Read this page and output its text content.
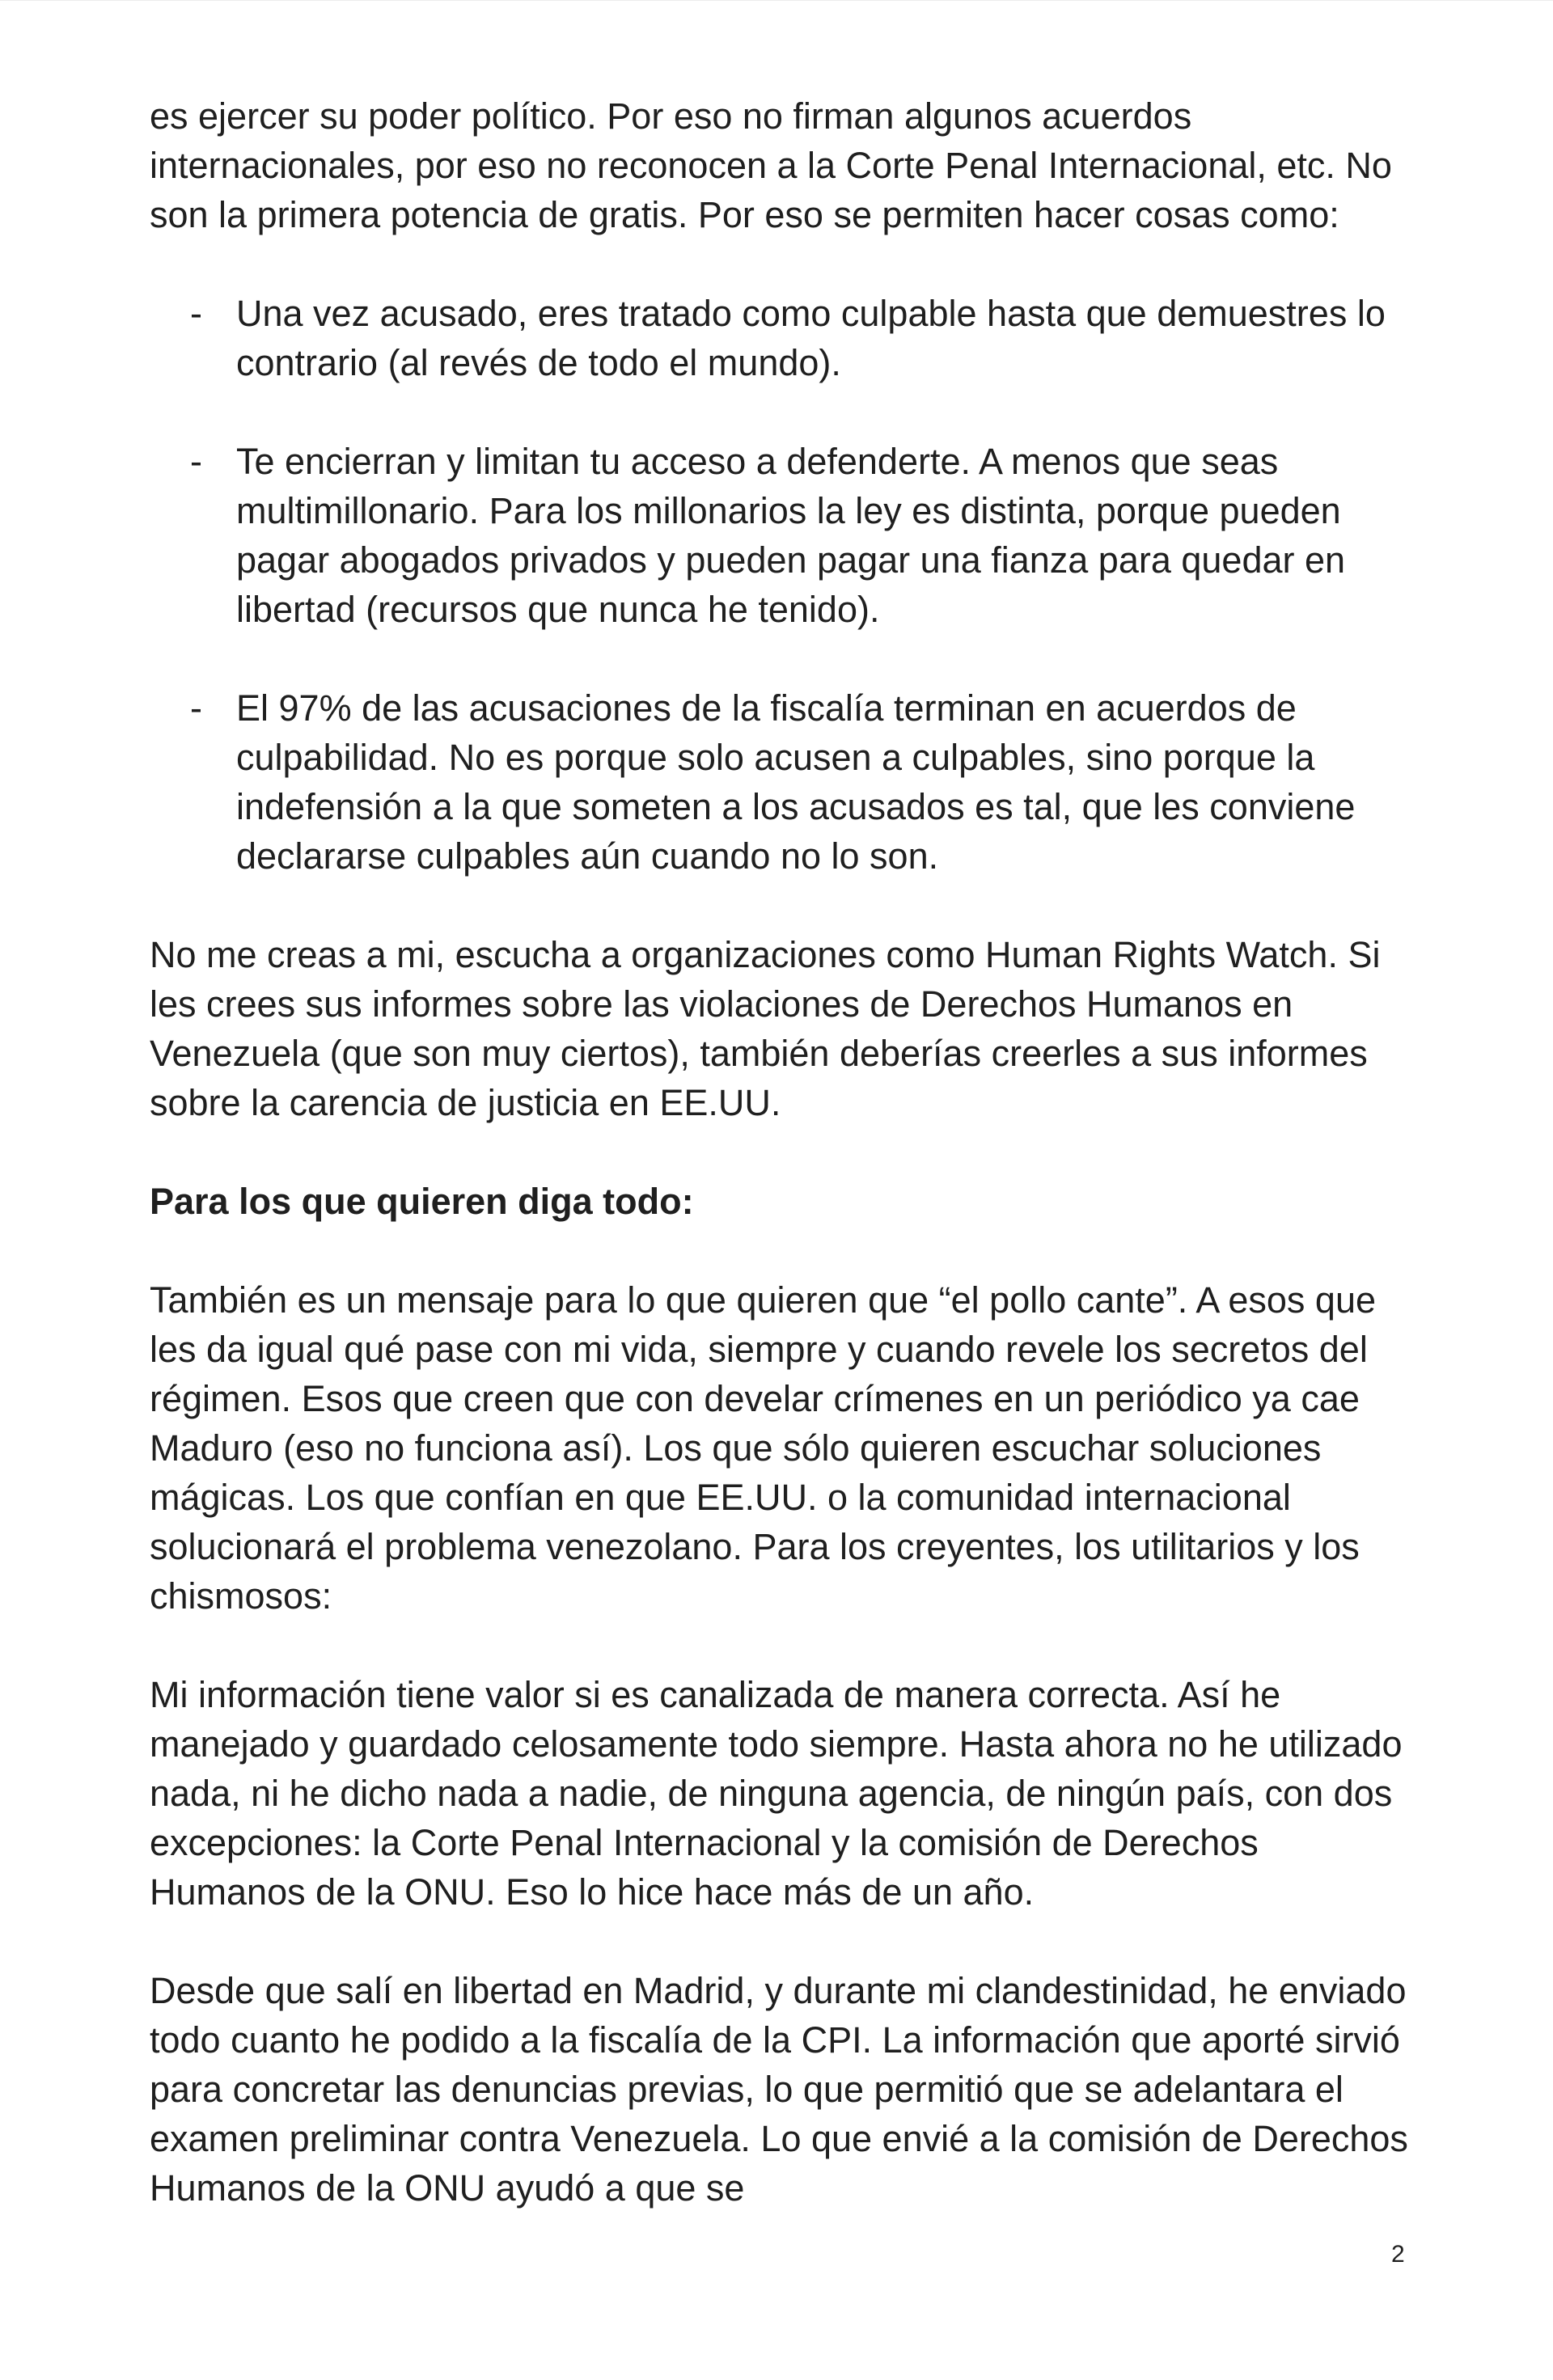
es ejercer su poder político. Por eso no firman algunos acuerdos internacionales, por eso no reconocen a la Corte Penal Internacional, etc. No son la primera potencia de gratis. Por eso se permiten hacer cosas como:

- Una vez acusado, eres tratado como culpable hasta que demuestres lo contrario (al revés de todo el mundo).
- Te encierran y limitan tu acceso a defenderte. A menos que seas multimillonario. Para los millonarios la ley es distinta, porque pueden pagar abogados privados y pueden pagar una fianza para quedar en libertad (recursos que nunca he tenido).
- El 97% de las acusaciones de la fiscalía terminan en acuerdos de culpabilidad. No es porque solo acusen a culpables, sino porque la indefensión a la que someten a los acusados es tal, que les conviene declararse culpables aún cuando no lo son.

No me creas a mi, escucha a organizaciones como Human Rights Watch. Si les crees sus informes sobre las violaciones de Derechos Humanos en Venezuela (que son muy ciertos), también deberías creerles a sus informes sobre la carencia de justicia en EE.UU.

Para los que quieren diga todo:

También es un mensaje para lo que quieren que “el pollo cante”. A esos que les da igual qué pase con mi vida, siempre y cuando revele los secretos del régimen. Esos que creen que con develar crímenes en un periódico ya cae Maduro (eso no funciona así). Los que sólo quieren escuchar soluciones mágicas. Los que confían en que EE.UU. o la comunidad internacional solucionará el problema venezolano. Para los creyentes, los utilitarios y los chismosos:

Mi información tiene valor si es canalizada de manera correcta. Así he manejado y guardado celosamente todo siempre. Hasta ahora no he utilizado nada, ni he dicho nada a nadie, de ninguna agencia, de ningún país, con dos excepciones: la Corte Penal Internacional y la comisión de Derechos Humanos de la ONU. Eso lo hice hace más de un año.

Desde que salí en libertad en Madrid, y durante mi clandestinidad, he enviado todo cuanto he podido a la fiscalía de la CPI. La información que aporté sirvió para concretar las denuncias previas, lo que permitió que se adelantara el examen preliminar contra Venezuela. Lo que envié a la comisión de Derechos Humanos de la ONU ayudó a que se

2
